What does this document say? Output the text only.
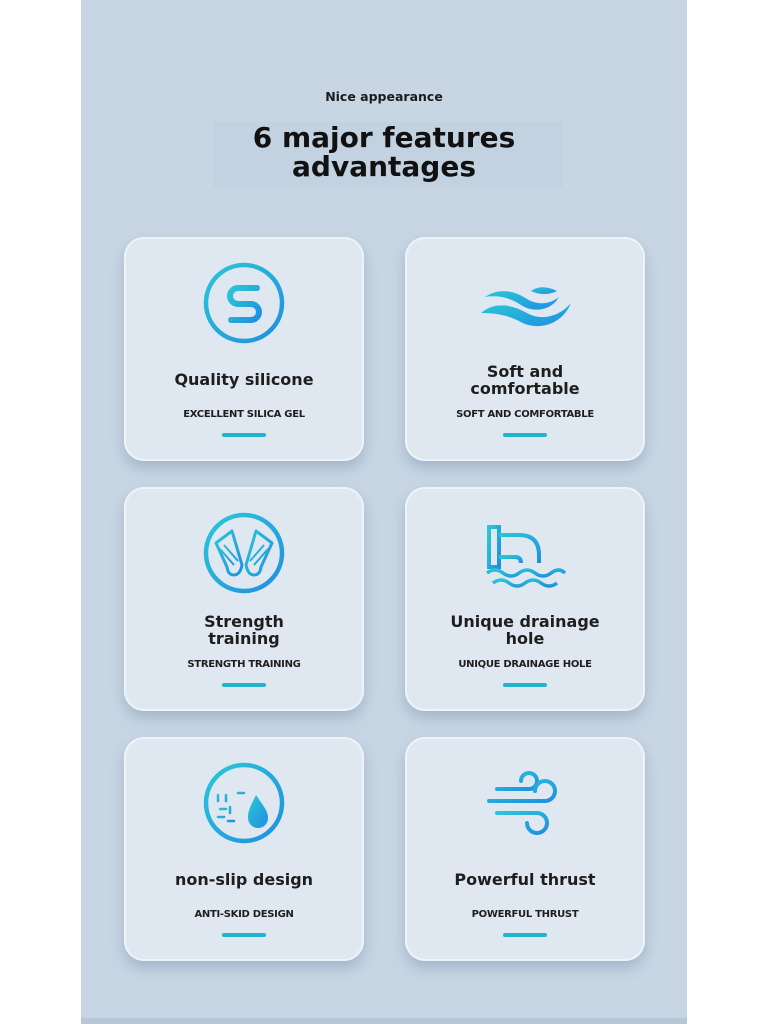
Nice appearance
6 major features
advantages
Quality silicone
EXCELLENT SILICA GEL
Soft and
comfortable
SOFT AND COMFORTABLE
Strength
training
STRENGTH TRAINING
Unique drainage
hole
UNIQUE DRAINAGE HOLE
non-slip design
ANTI-SKID DESIGN
Powerful thrust
POWERFUL THRUST
